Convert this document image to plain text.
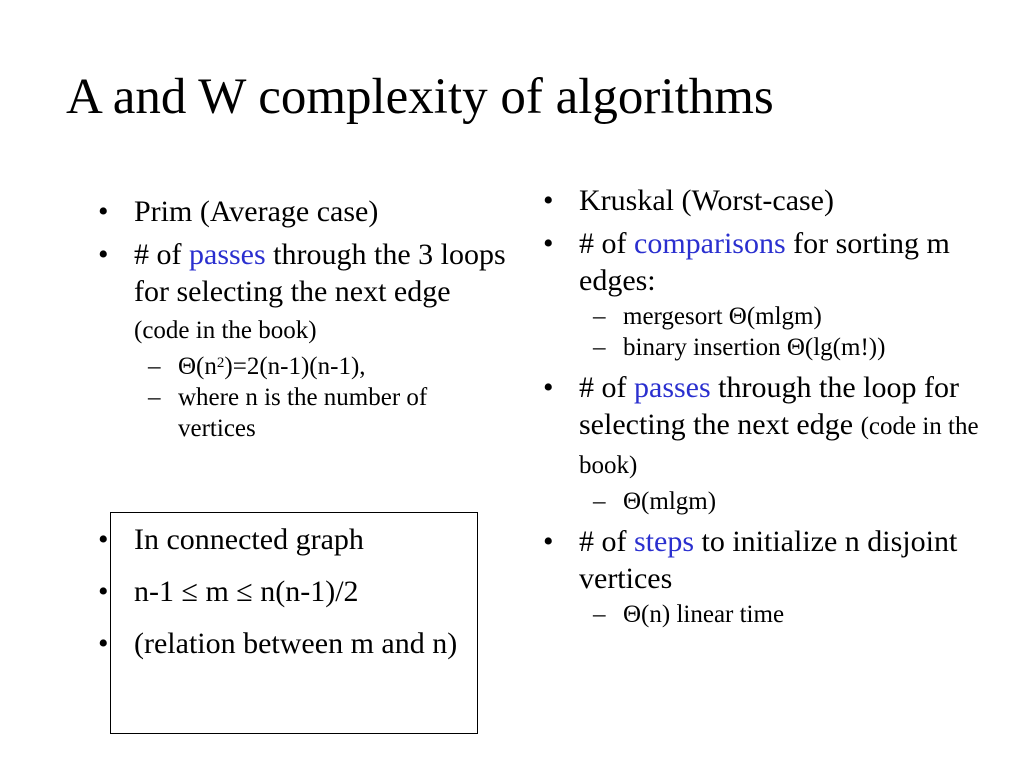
A and W complexity of algorithms
• Prim (Average case)
• # of passes through the 3 loops for selecting the next edge (code in the book)
– $\Theta(n^2)=2(n-1)(n-1)$,
– where n is the number of vertices
• In connected graph
• n-1 ≤ m ≤ n(n-1)/2
• (relation between m and n)
• Kruskal (Worst-case)
• # of comparisons for sorting m edges:
– mergesort Θ(mlgm)
– binary insertion Θ(lg(m!))
• # of passes through the loop for selecting the next edge (code in the book)
– Θ(mlgm)
• # of steps to initialize n disjoint vertices
– Θ(n) linear time
